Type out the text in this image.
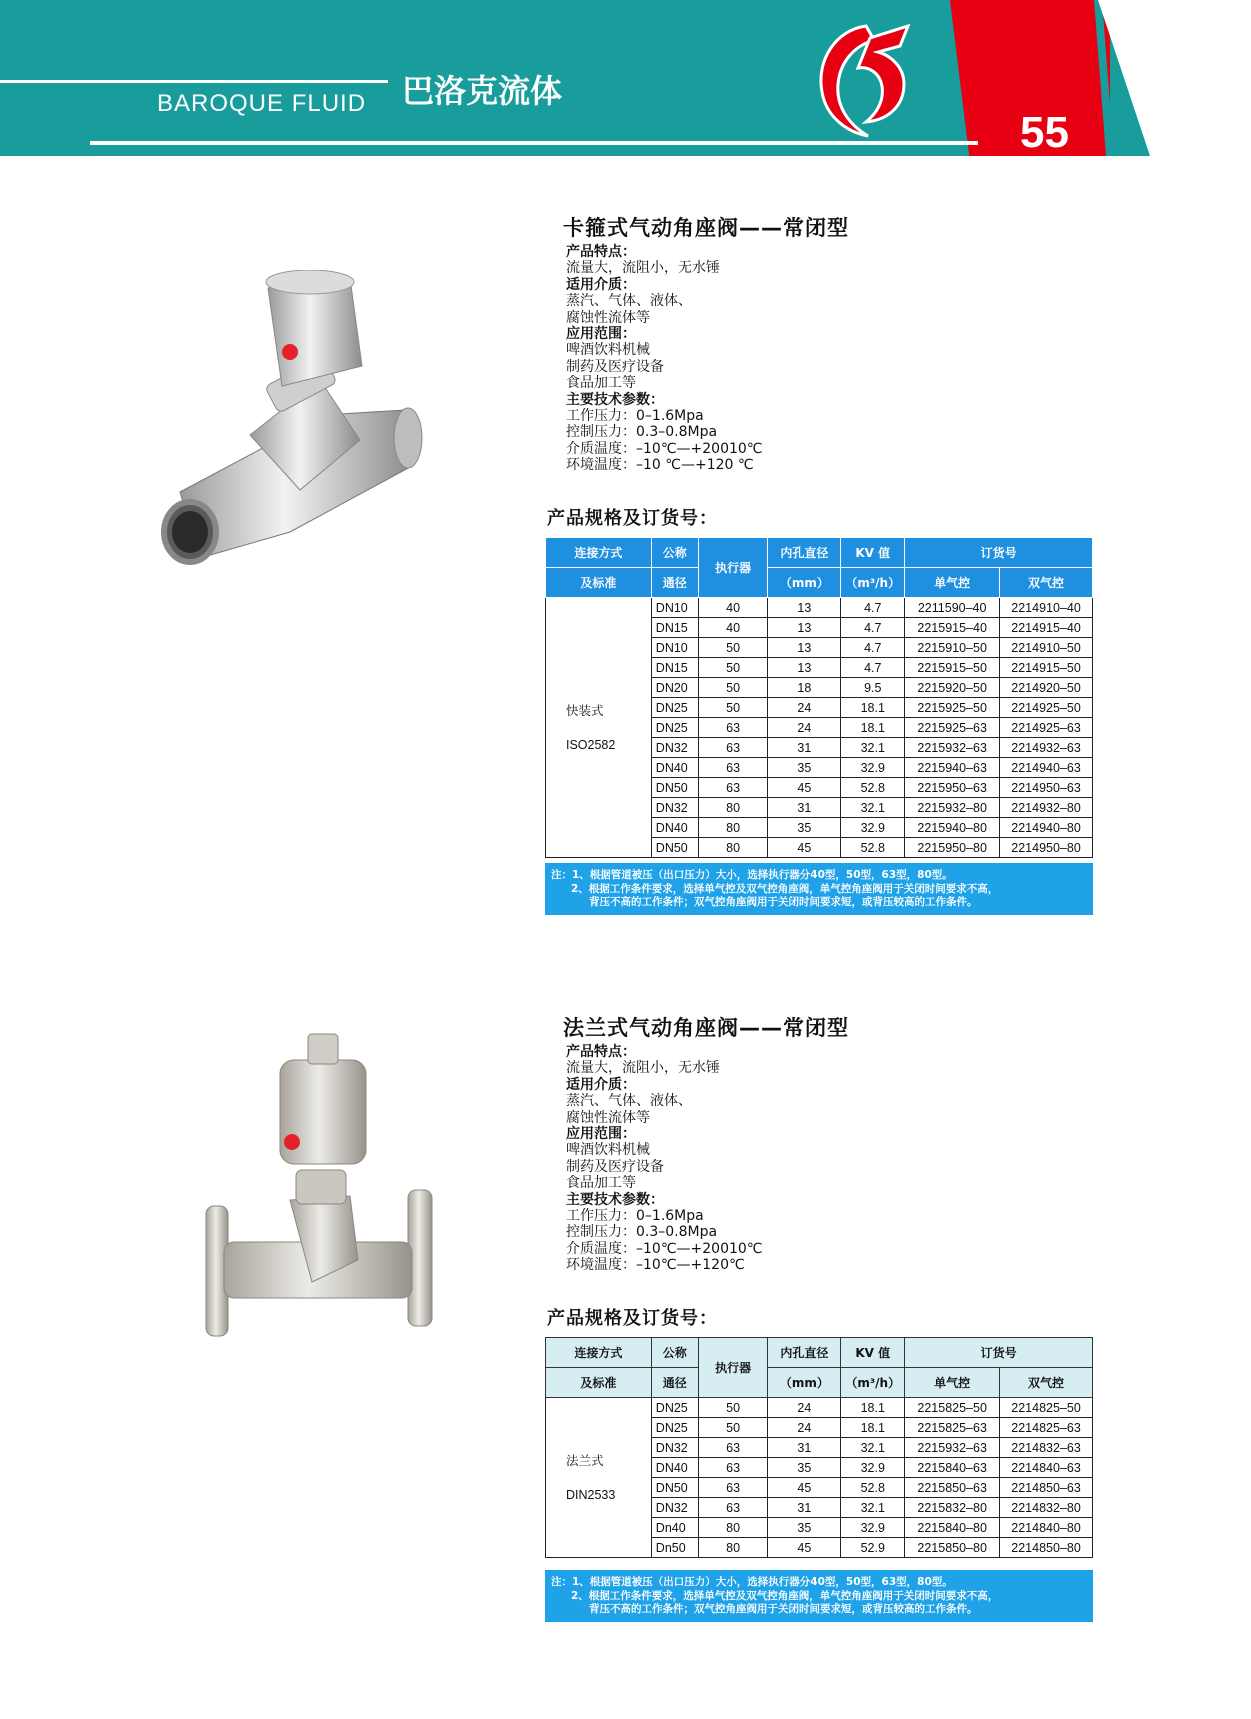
BAROQUE FLUID 巴洛克流体
55
卡箍式气动角座阀——常闭型
产品特点：
流量大，流阻小，无水锤
适用介质：
蒸汽、气体、液体、
腐蚀性流体等
应用范围：
啤酒饮料机械
制药及医疗设备
食品加工等
主要技术参数：
工作压力：0–1.6Mpa
控制压力：0.3–0.8Mpa
介质温度：–10℃—+20010℃
环境温度：–10 ℃—+120 ℃
产品规格及订货号：
连接方式	公称	执行器	内孔直径	KV 值	订货号	
及标准	通径		（mm）	（m³/h）	单气控	双气控

快装式
ISO2582	DN10	40	13	4.7	2211590–40	2214910–40
	DN15	40	13	4.7	2215915–40	2214915–40
	DN10	50	13	4.7	2215910–50	2214910–50
	DN15	50	13	4.7	2215915–50	2214915–50
	DN20	50	18	9.5	2215920–50	2214920–50
	DN25	50	24	18.1	2215925–50	2214925–50
	DN25	63	24	18.1	2215925–63	2214925–63
	DN32	63	31	32.1	2215932–63	2214932–63
	DN40	63	35	32.9	2215940–63	2214940–63
	DN50	63	45	52.8	2215950–63	2214950–63
	DN32	80	31	32.1	2215932–80	2214932–80
	DN40	80	35	32.9	2215940–80	2214940–80
	DN50	80	45	52.8	2215950–80	2214950–80
注：1、根据管道被压（出口压力）大小，选择执行器分40型，50型，63型，80型。
2、根据工作条件要求，选择单气控及双气控角座阀，单气控角座阀用于关闭时间要求不高，
背压不高的工作条件；双气控角座阀用于关闭时间要求短，或背压较高的工作条件。
法兰式气动角座阀——常闭型
产品特点：
流量大，流阻小，无水锤
适用介质：
蒸汽、气体、液体、
腐蚀性流体等
应用范围：
啤酒饮料机械
制药及医疗设备
食品加工等
主要技术参数：
工作压力：0–1.6Mpa
控制压力：0.3–0.8Mpa
介质温度：–10℃—+20010℃
环境温度：–10℃—+120℃
产品规格及订货号：
连接方式	公称	执行器	内孔直径	KV 值	订货号	
及标准	通径		（mm）	（m³/h）	单气控	双气控

法兰式
DIN2533	DN25	50	24	18.1	2215825–50	2214825–50
	DN25	50	24	18.1	2215825–63	2214825–63
	DN32	63	31	32.1	2215932–63	2214832–63
	DN40	63	35	32.9	2215840–63	2214840–63
	DN50	63	45	52.8	2215850–63	2214850–63
	DN32	63	31	32.1	2215832–80	2214832–80
	Dn40	80	35	32.9	2215840–80	2214840–80
	Dn50	80	45	52.9	2215850–80	2214850–80
注：1、根据管道被压（出口压力）大小，选择执行器分40型，50型，63型，80型。
2、根据工作条件要求，选择单气控及双气控角座阀，单气控角座阀用于关闭时间要求不高，
背压不高的工作条件；双气控角座阀用于关闭时间要求短，或背压较高的工作条件。
